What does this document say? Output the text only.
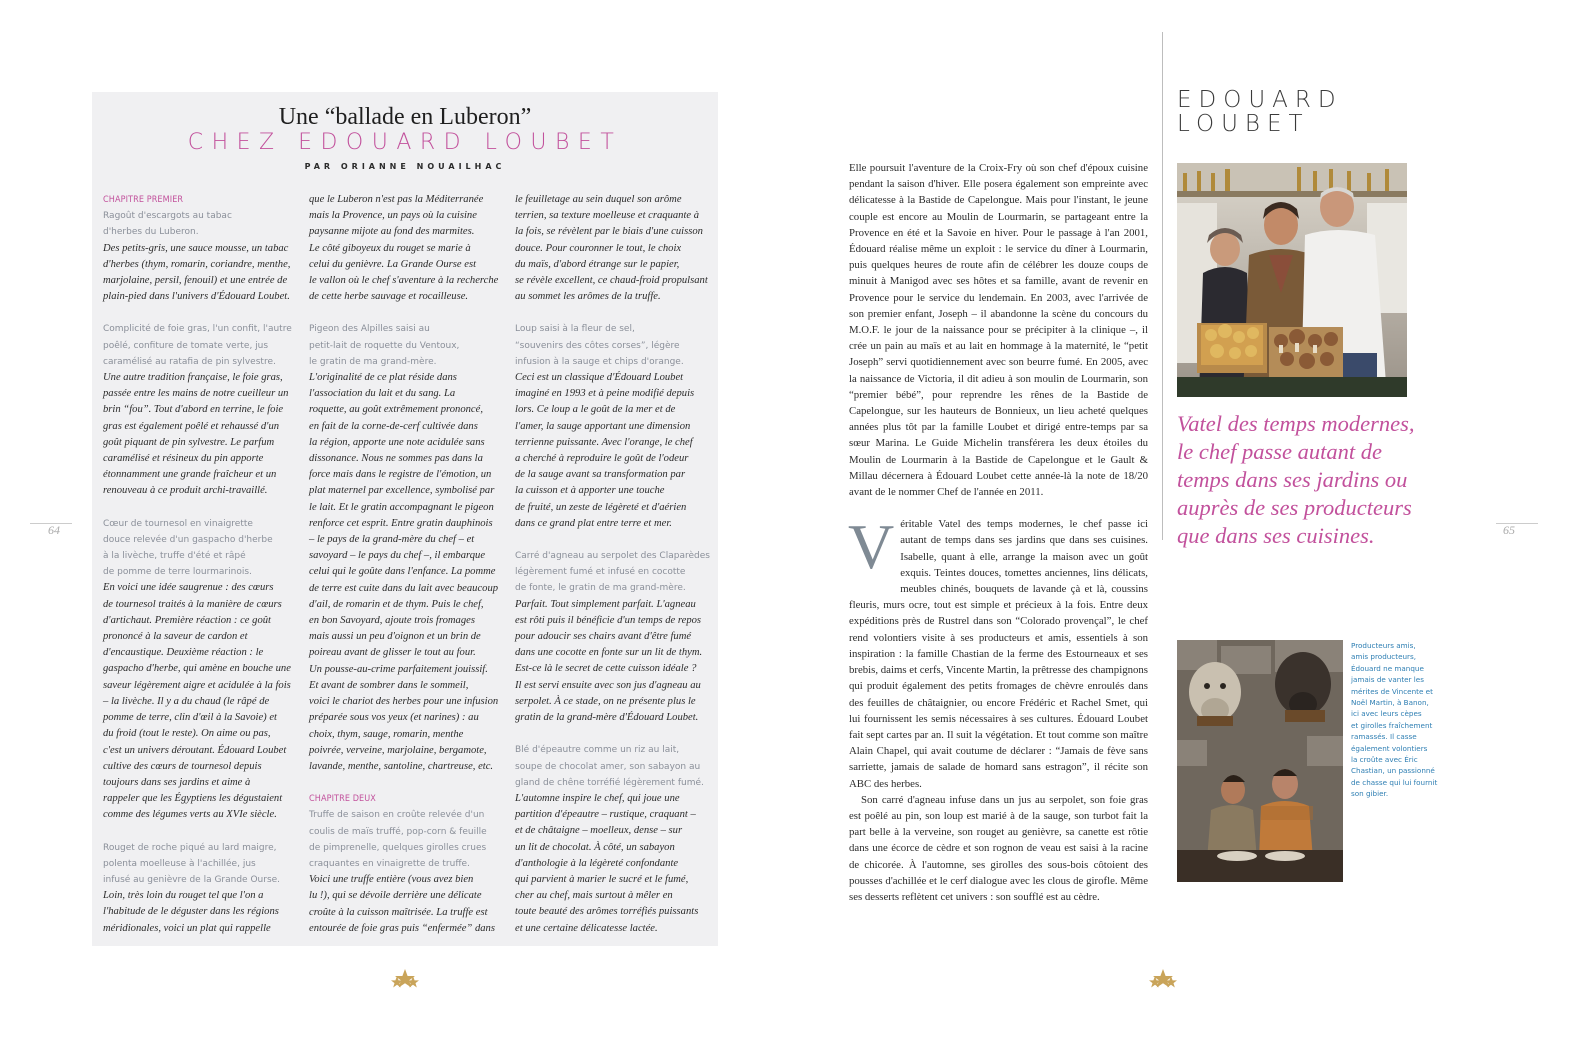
Une “ballade en Luberon”
CHEZ EDOUARD LOUBET
PAR ORIANNE NOUAILHAC
CHAPITRE PREMIER
Ragoût d'escargots au tabac
d'herbes du Luberon.
Des petits-gris, une sauce mousse, un tabac
d'herbes (thym, romarin, coriandre, menthe,
marjolaine, persil, fenouil) et une entrée de
plain-pied dans l'univers d'Édouard Loubet.
Complicité de foie gras, l'un confit, l'autre
poêlé, confiture de tomate verte, jus
caramélisé au ratafia de pin sylvestre.
Une autre tradition française, le foie gras,
passée entre les mains de notre cueilleur un
brin “fou”. Tout d'abord en terrine, le foie
gras est également poêlé et rehaussé d'un
goût piquant de pin sylvestre. Le parfum
caramélisé et résineux du pin apporte
étonnamment une grande fraîcheur et un
renouveau à ce produit archi-travaillé.
Cœur de tournesol en vinaigrette
douce relevée d'un gaspacho d'herbe
à la livèche, truffe d'été et râpé
de pomme de terre lourmarinois.
En voici une idée saugrenue : des cœurs
de tournesol traités à la manière de cœurs
d'artichaut. Première réaction : ce goût
prononcé à la saveur de cardon et
d'encaustique. Deuxième réaction : le
gaspacho d'herbe, qui amène en bouche une
saveur légèrement aigre et acidulée à la fois
– la livèche. Il y a du chaud (le râpé de
pomme de terre, clin d'œil à la Savoie) et
du froid (tout le reste). On aime ou pas,
c'est un univers déroutant. Édouard Loubet
cultive des cœurs de tournesol depuis
toujours dans ses jardins et aime à
rappeler que les Égyptiens les dégustaient
comme des légumes verts au XVIe siècle.
Rouget de roche piqué au lard maigre,
polenta moelleuse à l'achillée, jus
infusé au genièvre de la Grande Ourse.
Loin, très loin du rouget tel que l'on a
l'habitude de le déguster dans les régions
méridionales, voici un plat qui rappelle
que le Luberon n'est pas la Méditerranée
mais la Provence, un pays où la cuisine
paysanne mijote au fond des marmites.
Le côté giboyeux du rouget se marie à
celui du genièvre. La Grande Ourse est
le vallon où le chef s'aventure à la recherche
de cette herbe sauvage et rocailleuse.
Pigeon des Alpilles saisi au
petit-lait de roquette du Ventoux,
le gratin de ma grand-mère.
L'originalité de ce plat réside dans
l'association du lait et du sang. La
roquette, au goût extrêmement prononcé,
en fait de la corne-de-cerf cultivée dans
la région, apporte une note acidulée sans
dissonance. Nous ne sommes pas dans la
force mais dans le registre de l'émotion, un
plat maternel par excellence, symbolisé par
le lait. Et le gratin accompagnant le pigeon
renforce cet esprit. Entre gratin dauphinois
– le pays de la grand-mère du chef – et
savoyard – le pays du chef –, il embarque
celui qui le goûte dans l'enfance. La pomme
de terre est cuite dans du lait avec beaucoup
d'ail, de romarin et de thym. Puis le chef,
en bon Savoyard, ajoute trois fromages
mais aussi un peu d'oignon et un brin de
poireau avant de glisser le tout au four.
Un pousse-au-crime parfaitement jouissif.
Et avant de sombrer dans le sommeil,
voici le chariot des herbes pour une infusion
préparée sous vos yeux (et narines) : au
choix, thym, sauge, romarin, menthe
poivrée, verveine, marjolaine, bergamote,
lavande, menthe, santoline, chartreuse, etc.
CHAPITRE DEUX
Truffe de saison en croûte relevée d'un
coulis de maïs truffé, pop-corn & feuille
de pimprenelle, quelques girolles crues
craquantes en vinaigrette de truffe.
Voici une truffe entière (vous avez bien
lu !), qui se dévoile derrière une délicate
croûte à la cuisson maîtrisée. La truffe est
entourée de foie gras puis “enfermée” dans
le feuilletage au sein duquel son arôme
terrien, sa texture moelleuse et craquante à
la fois, se révèlent par le biais d'une cuisson
douce. Pour couronner le tout, le choix
du maïs, d'abord étrange sur le papier,
se révèle excellent, ce chaud-froid propulsant
au sommet les arômes de la truffe.
Loup saisi à la fleur de sel,
“souvenirs des côtes corses”, légère
infusion à la sauge et chips d'orange.
Ceci est un classique d'Édouard Loubet
imaginé en 1993 et à peine modifié depuis
lors. Ce loup a le goût de la mer et de
l'amer, la sauge apportant une dimension
terrienne puissante. Avec l'orange, le chef
a cherché à reproduire le goût de l'odeur
de la sauge avant sa transformation par
la cuisson et à apporter une touche
de fruité, un zeste de légèreté et d'aérien
dans ce grand plat entre terre et mer.
Carré d'agneau au serpolet des Claparèdes
légèrement fumé et infusé en cocotte
de fonte, le gratin de ma grand-mère.
Parfait. Tout simplement parfait. L'agneau
est rôti puis il bénéficie d'un temps de repos
pour adoucir ses chairs avant d'être fumé
dans une cocotte en fonte sur un lit de thym.
Est-ce là le secret de cette cuisson idéale ?
Il est servi ensuite avec son jus d'agneau au
serpolet. À ce stade, on ne présente plus le
gratin de la grand-mère d'Édouard Loubet.
Blé d'épeautre comme un riz au lait,
soupe de chocolat amer, son sabayon au
gland de chêne torréfié légèrement fumé.
L'automne inspire le chef, qui joue une
partition d'épeautre – rustique, craquant –
et de châtaigne – moelleux, dense – sur
un lit de chocolat. À côté, un sabayon
d'anthologie à la légèreté confondante
qui parvient à marier le sucré et le fumé,
cher au chef, mais surtout à mêler en
toute beauté des arômes torréfiés puissants
et une certaine délicatesse lactée.
64
EDOUARD
LOUBET

Elle poursuit l'aventure de la Croix-Fry où son chef d'époux cuisine pendant la saison d'hiver. Elle posera également son empreinte avec délicatesse à la Bastide de Capelongue. Mais pour l'instant, le jeune couple est encore au Moulin de Lourmarin, se partageant entre la Provence en été et la Savoie en hiver. Pour le passage à l'an 2001, Édouard réalise même un exploit : le service du dîner à Lourmarin, puis quelques heures de route afin de célébrer les douze coups de minuit à Manigod avec ses hôtes et sa famille, avant de revenir en Provence pour le service du lendemain. En 2003, avec l'arrivée de son premier enfant, Joseph – il abandonne la scène du concours du M.O.F. le jour de la naissance pour se précipiter à la clinique –, il crée un pain au maïs et au lait en hommage à la maternité, le “petit Joseph” servi quotidiennement avec son beurre fumé. En 2005, avec la naissance de Victoria, il dit adieu à son moulin de Lourmarin, son “premier bébé”, pour reprendre les rênes de la Bastide de Capelongue, sur les hauteurs de Bonnieux, un lieu acheté quelques années plus tôt par la famille Loubet et dirigé entre-temps par sa sœur Marina. Le Guide Michelin transférera les deux étoiles du Moulin de Lourmarin à la Bastide de Capelongue et le Gault & Millau décernera à Édouard Loubet cette année-là la note de 18/20 avant de le nommer Chef de l'année en 2011.

Véritable Vatel des temps modernes, le chef passe ici autant de temps dans ses jardins que dans ses cuisines. Isabelle, quant à elle, arrange la maison avec un goût exquis. Teintes douces, tomettes anciennes, lins délicats, meubles chinés, bouquets de lavande çà et là, coussins fleuris, murs ocre, tout est simple et précieux à la fois. Entre deux expéditions près de Rustrel dans son “Colorado provençal”, le chef rend volontiers visite à ses producteurs et amis, essentiels à son inspiration : la famille Chastian de la ferme des Estourneaux et ses brebis, daims et cerfs, Vincente Martin, la prêtresse des champignons qui produit également des petits fromages de chèvre enroulés dans des feuilles de châtaignier, ou encore Frédéric et Rachel Smet, qui lui fournissent les semis nécessaires à ses cultures. Édouard Loubet fait sept cartes par an. Il suit la végétation. Et tout comme son maître Alain Chapel, qui avait coutume de déclarer : “Jamais de fève sans sarriette, jamais de salade de homard sans estragon”, il récite son ABC des herbes.

Son carré d'agneau infuse dans un jus au serpolet, son foie gras est poêlé au pin, son loup est marié à de la sauge, son turbot fait la part belle à la verveine, son rouget au genièvre, sa canette est rôtie dans une écorce de cèdre et son rognon de veau est saisi à la racine de chicorée. À l'automne, ses girolles des sous-bois côtoient des pousses d'achillée et le cerf dialogue avec les clous de girofle. Même ses desserts reflètent cet univers : son soufflé est au cèdre.

Vatel des temps modernes, le chef passe autant de temps dans ses jardins ou auprès de ses producteurs que dans ses cuisines.
Producteurs amis,
amis producteurs,
Édouard ne manque
jamais de vanter les
mérites de Vincente et
Noël Martin, à Banon,
ici avec leurs cèpes
et girolles fraîchement
ramassés. Il casse
également volontiers
la croûte avec Éric
Chastian, un passionné
de chasse qui lui fournit
son gibier.
65
